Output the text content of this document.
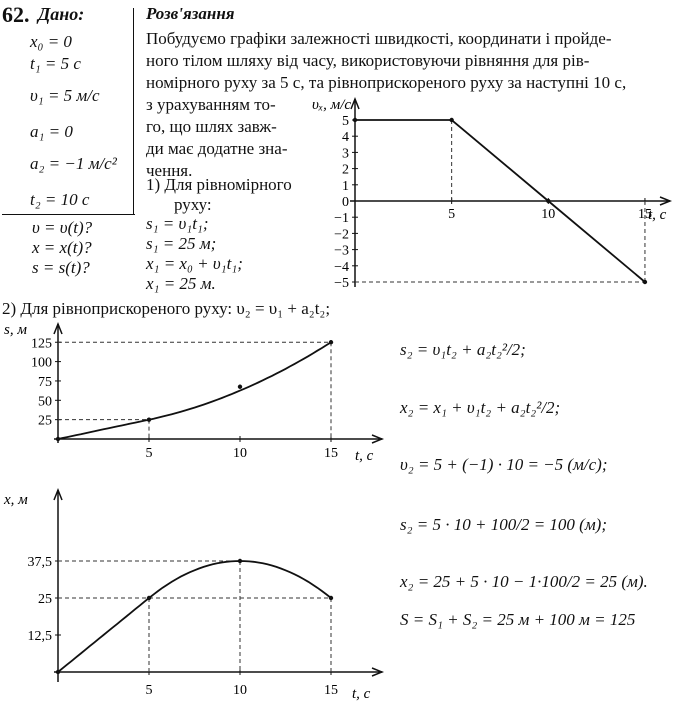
62. Дано:	Розв'язання
x₀ = 0
t₁ = 5 с
υ₁ = 5 м/с
a₁ = 0
a₂ = −1 м/с²
t₂ = 10 с
υ = υ(t)?
x = x(t)?
s = s(t)?
Побудуємо графіки залежності швидкості, координати і пройде-
ного тілом шляху від часу, використовуючи рівняння для рів-
номірного руху за 5 с, та рівноприскореного руху за наступні 10 с,
з урахуванням то-
го, що шлях завж-
ди має додатне зна-
чення.
1) Для рівномірного
руху:
s₁ = υ₁t₁;
s₁ = 25 м;
x₁ = x₀ + υ₁t₁;
x₁ = 25 м.
2) Для рівноприскореного руху: υ₂ = υ₁ + a₂t₂;
s₂ = υ₁t₂ + a₂t₂²/2;
x₂ = x₁ + υ₁t₂ + a₂t₂²/2;
υ₂ = 5 + (−1) · 10 = −5 (м/с);
s₂ = 5 · 10 + 100/2 = 100 (м);
x₂ = 25 + 5 · 10 − 1·100/2 = 25 (м).
S = S₁ + S₂ = 25 м + 100 м = 125
υₓ, м/с
t, с
5	10	15
5
4
3
2
1
0
−1
−2
−3
−4
−5
s, м
t, с
5	10	15
125
100
75
50
25
x, м
t, с
5	10	15
37,5
25
12,5
